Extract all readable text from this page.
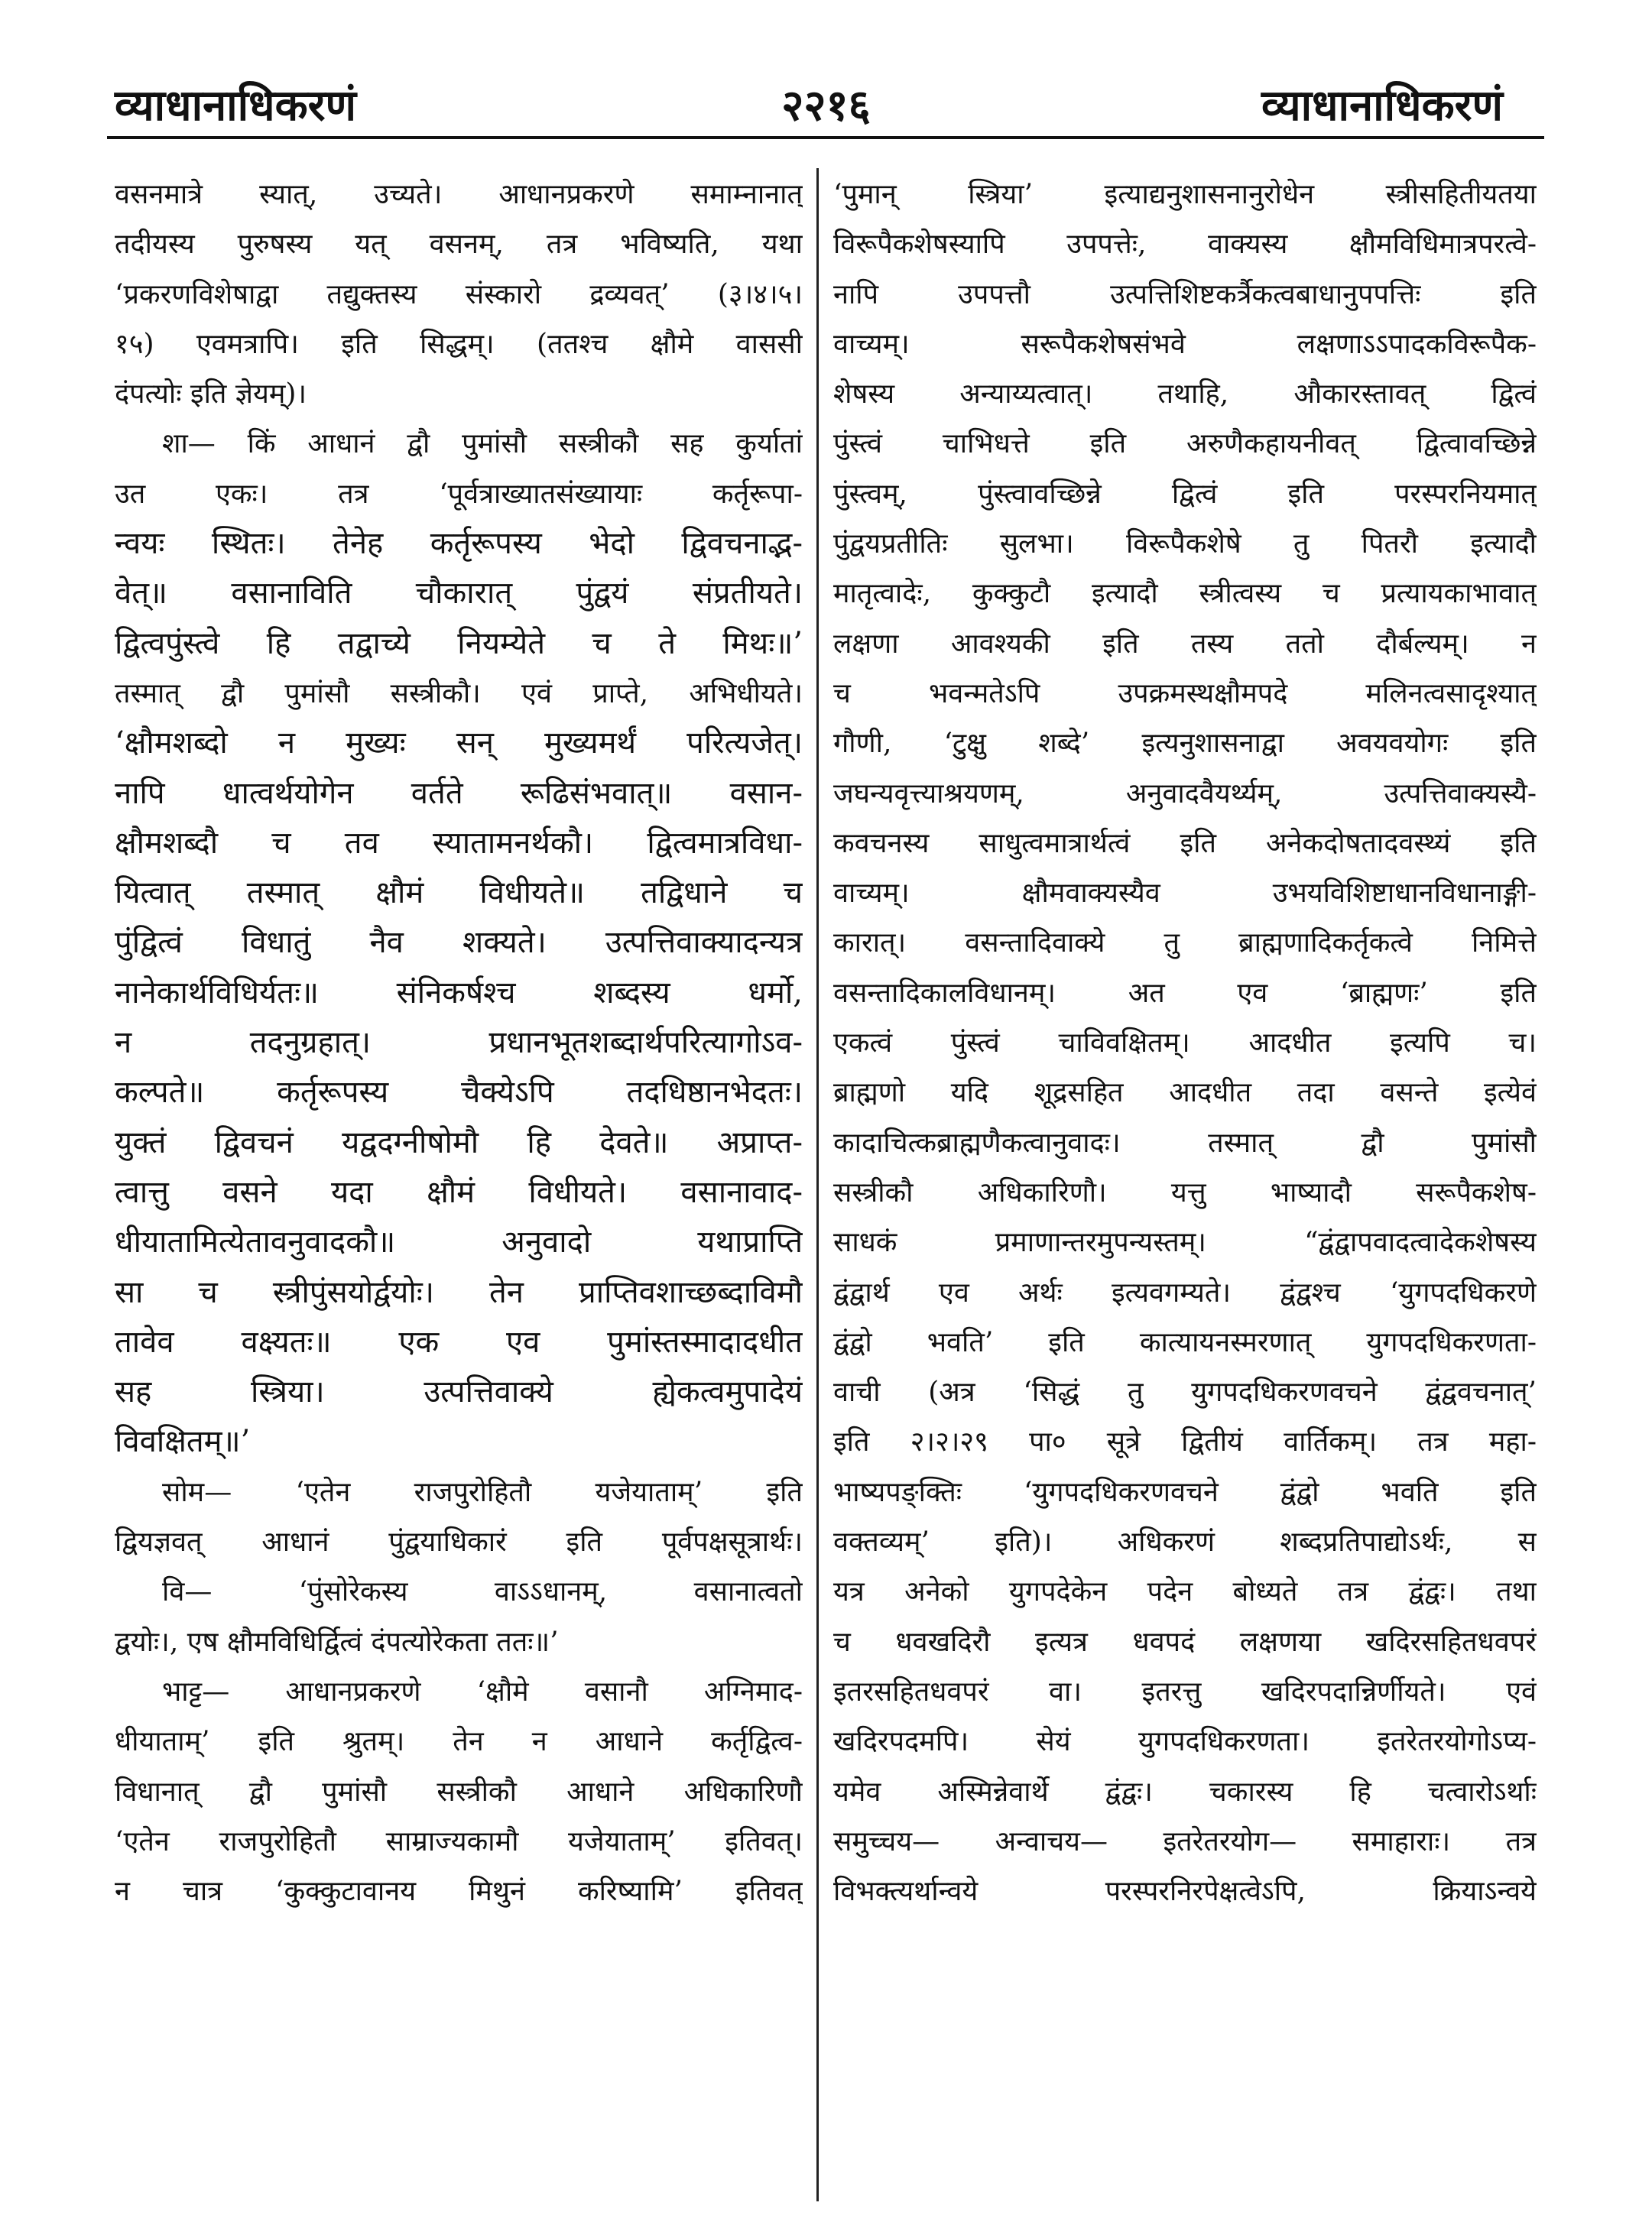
व्याधानाधिकरणं	२२१६	व्याधानाधिकरणं
वसनमात्रे स्यात्, उच्यते। आधानप्रकरणे समाम्नानात्
तदीयस्य पुरुषस्य यत् वसनम्, तत्र भविष्यति, यथा
‘प्रकरणविशेषाद्वा तद्युक्तस्य संस्कारो द्रव्यवत्’ (३।४।५।
१५) एवमत्रापि। इति सिद्धम्। (ततश्च क्षौमे वाससी
दंपत्योः इति ज्ञेयम्)।
शा— किं आधानं द्वौ पुमांसौ सस्त्रीकौ सह कुर्यातां
उत एकः। तत्र ‘पूर्वत्राख्यातसंख्यायाः कर्तृरूपा-
न्वयः स्थितः। तेनेह कर्तृरूपस्य भेदो द्विवचनाद्भ-
वेत्॥ वसानाविति चौकारात् पुंद्वयं संप्रतीयते।
द्वित्वपुंस्त्वे हि तद्वाच्ये नियम्येते च ते मिथः॥’
तस्मात् द्वौ पुमांसौ सस्त्रीकौ। एवं प्राप्ते, अभिधीयते।
‘क्षौमशब्दो न मुख्यः सन् मुख्यमर्थं परित्यजेत्।
नापि धात्वर्थयोगेन वर्तते रूढिसंभवात्॥ वसान-
क्षौमशब्दौ च तव स्यातामनर्थकौ। द्वित्वमात्रविधा-
यित्वात् तस्मात् क्षौमं विधीयते॥ तद्विधाने च
पुंद्वित्वं विधातुं नैव शक्यते। उत्पत्तिवाक्यादन्यत्र
नानेकार्थविधिर्यतः॥ संनिकर्षश्च शब्दस्य धर्मो,
न तदनुग्रहात्। प्रधानभूतशब्दार्थपरित्यागोऽव-
कल्पते॥ कर्तृरूपस्य चैक्येऽपि तदधिष्ठानभेदतः।
युक्तं द्विवचनं यद्वदग्नीषोमौ हि देवते॥ अप्राप्त-
त्वात्तु वसने यदा क्षौमं विधीयते। वसानावाद-
धीयातामित्येतावनुवादकौ॥ अनुवादो यथाप्राप्ति
सा च स्त्रीपुंसयोर्द्वयोः। तेन प्राप्तिवशाच्छब्दाविमौ
तावेव वक्ष्यतः॥ एक एव पुमांस्तस्मादादधीत
सह स्त्रिया। उत्पत्तिवाक्ये ह्येकत्वमुपादेयं
विवक्षितम्॥’
सोम— ‘एतेन राजपुरोहितौ यजेयाताम्’ इति
द्वियज्ञवत् आधानं पुंद्वयाधिकारं इति पूर्वपक्षसूत्रार्थः।
वि— ‘पुंसोरेकस्य वाऽऽधानम्, वसानात्वतो
द्वयोः।, एष क्षौमविधिर्द्वित्वं दंपत्योरेकता ततः॥’
भाट्ट— आधानप्रकरणे ‘क्षौमे वसानौ अग्निमाद-
धीयाताम्’ इति श्रुतम्। तेन न आधाने कर्तृद्वित्व-
विधानात् द्वौ पुमांसौ सस्त्रीकौ आधाने अधिकारिणौ
‘एतेन राजपुरोहितौ साम्राज्यकामौ यजेयाताम्’ इतिवत्।
न चात्र ‘कुक्कुटावानय मिथुनं करिष्यामि’ इतिवत्
‘पुमान् स्त्रिया’ इत्याद्यनुशासनानुरोधेन स्त्रीसहितीयतया
विरूपैकशेषस्यापि उपपत्तेः, वाक्यस्य क्षौमविधिमात्रपरत्वे-
नापि उपपत्तौ उत्पत्तिशिष्टकर्त्रैकत्वबाधानुपपत्तिः इति
वाच्यम्। सरूपैकशेषसंभवे लक्षणाऽऽपादकविरूपैक-
शेषस्य अन्याय्यत्वात्। तथाहि, औकारस्तावत् द्वित्वं
पुंस्त्वं चाभिधत्ते इति अरुणैकहायनीवत् द्वित्वावच्छिन्ने
पुंस्त्वम्, पुंस्त्वावच्छिन्ने द्वित्वं इति परस्परनियमात्
पुंद्वयप्रतीतिः सुलभा। विरूपैकशेषे तु पितरौ इत्यादौ
मातृत्वादेः, कुक्कुटौ इत्यादौ स्त्रीत्वस्य च प्रत्यायकाभावात्
लक्षणा आवश्यकी इति तस्य ततो दौर्बल्यम्। न
च भवन्मतेऽपि उपक्रमस्थक्षौमपदे मलिनत्वसादृश्यात्
गौणी, ‘टुक्षु शब्दे’ इत्यनुशासनाद्वा अवयवयोगः इति
जघन्यवृत्त्याश्रयणम्, अनुवादवैयर्थ्यम्, उत्पत्तिवाक्यस्यै-
कवचनस्य साधुत्वमात्रार्थत्वं इति अनेकदोषतादवस्थ्यं इति
वाच्यम्। क्षौमवाक्यस्यैव उभयविशिष्टाधानविधानाङ्गी-
कारात्। वसन्तादिवाक्ये तु ब्राह्मणादिकर्तृकत्वे निमित्ते
वसन्तादिकालविधानम्। अत एव ‘ब्राह्मणः’ इति
एकत्वं पुंस्त्वं चाविवक्षितम्। आदधीत इत्यपि च।
ब्राह्मणो यदि शूद्रसहित आदधीत तदा वसन्ते इत्येवं
कादाचित्कब्राह्मणैकत्वानुवादः। तस्मात् द्वौ पुमांसौ
सस्त्रीकौ अधिकारिणौ। यत्तु भाष्यादौ सरूपैकशेष-
साधकं प्रमाणान्तरमुपन्यस्तम्। “द्वंद्वापवादत्वादेकशेषस्य
द्वंद्वार्थ एव अर्थः इत्यवगम्यते। द्वंद्वश्च ‘युगपदधिकरणे
द्वंद्वो भवति’ इति कात्यायनस्मरणात् युगपदधिकरणता-
वाची (अत्र ‘सिद्धं तु युगपदधिकरणवचने द्वंद्ववचनात्’
इति २।२।२९ पा० सूत्रे द्वितीयं वार्तिकम्। तत्र महा-
भाष्यपङ्क्तिः ‘युगपदधिकरणवचने द्वंद्वो भवति इति
वक्तव्यम्’ इति)। अधिकरणं शब्दप्रतिपाद्योऽर्थः, स
यत्र अनेको युगपदेकेन पदेन बोध्यते तत्र द्वंद्वः। तथा
च धवखदिरौ इत्यत्र धवपदं लक्षणया खदिरसहितधवपरं
इतरसहितधवपरं वा। इतरत्तु खदिरपदान्निर्णीयते। एवं
खदिरपदमपि। सेयं युगपदधिकरणता। इतरेतरयोगोऽप्य-
यमेव अस्मिन्नेवार्थे द्वंद्वः। चकारस्य हि चत्वारोऽर्थाः
समुच्चय— अन्वाचय— इतरेतरयोग— समाहाराः। तत्र
विभक्त्यर्थान्वये परस्परनिरपेक्षत्वेऽपि, क्रियाऽन्वये
